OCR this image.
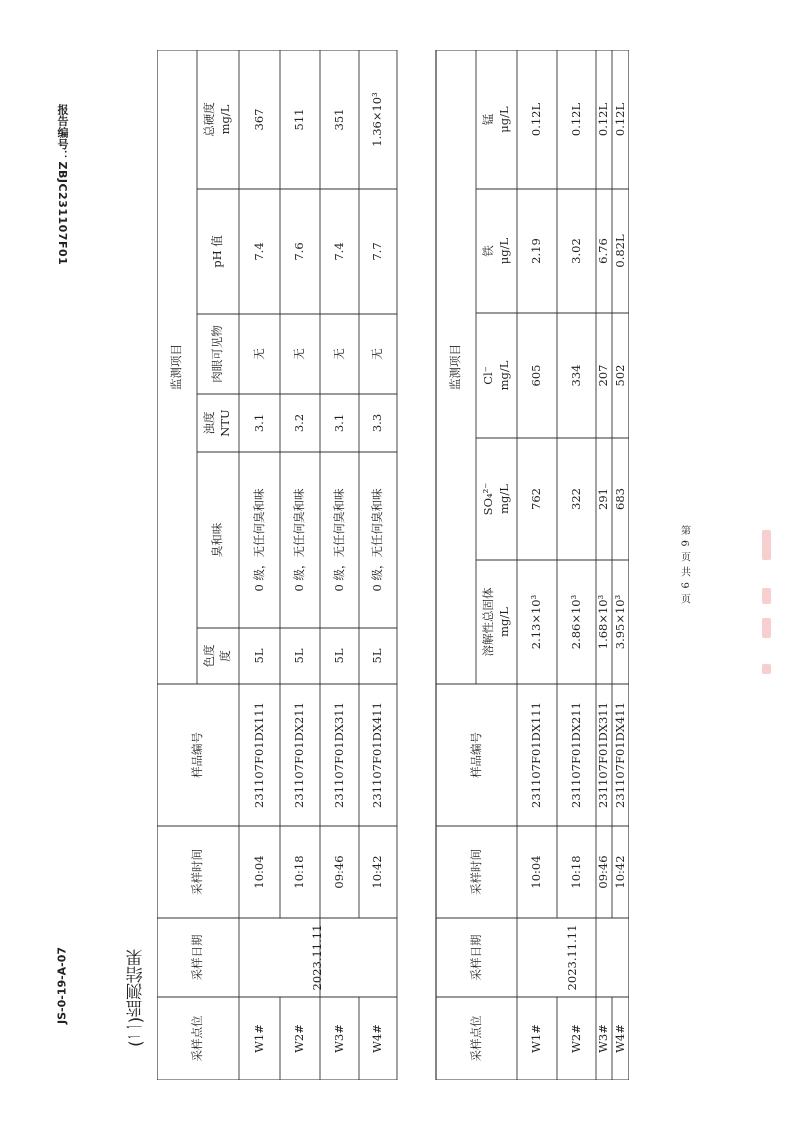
报告编号：ZBJC231107F01
第 6 页 共 9 页
(二)监测结果
JS-0-19-A-07
采样点位
采样日期
采样时间
样品编号
监测项目
色度
度
臭和味
浊度
NTU
肉眼可见物
pH 值
总硬度
mg/L
2023.11.11
W1#
10:04
231107F01DX111
5L
0 级，无任何臭和味
3.1
无
7.4
367
W2#
10:18
231107F01DX211
5L
0 级，无任何臭和味
3.2
无
7.6
511
W3#
09:46
231107F01DX311
5L
0 级，无任何臭和味
3.1
无
7.4
351
W4#
10:42
231107F01DX411
5L
0 级，无任何臭和味
3.3
无
7.7
1.36×10³
采样点位
采样日期
采样时间
样品编号
监测项目
溶解性总固体
mg/L
SO₄²⁻
mg/L
Cl⁻
mg/L
铁
μg/L
锰
μg/L
2023.11.11
W1#
10:04
231107F01DX111
2.13×10³
762
605
2.19
0.12L
W2#
10:18
231107F01DX211
2.86×10³
322
334
3.02
0.12L
W3#
09:46
231107F01DX311
1.68×10³
291
207
6.76
0.12L
W4#
10:42
231107F01DX411
3.95×10³
683
502
0.82L
0.12L
